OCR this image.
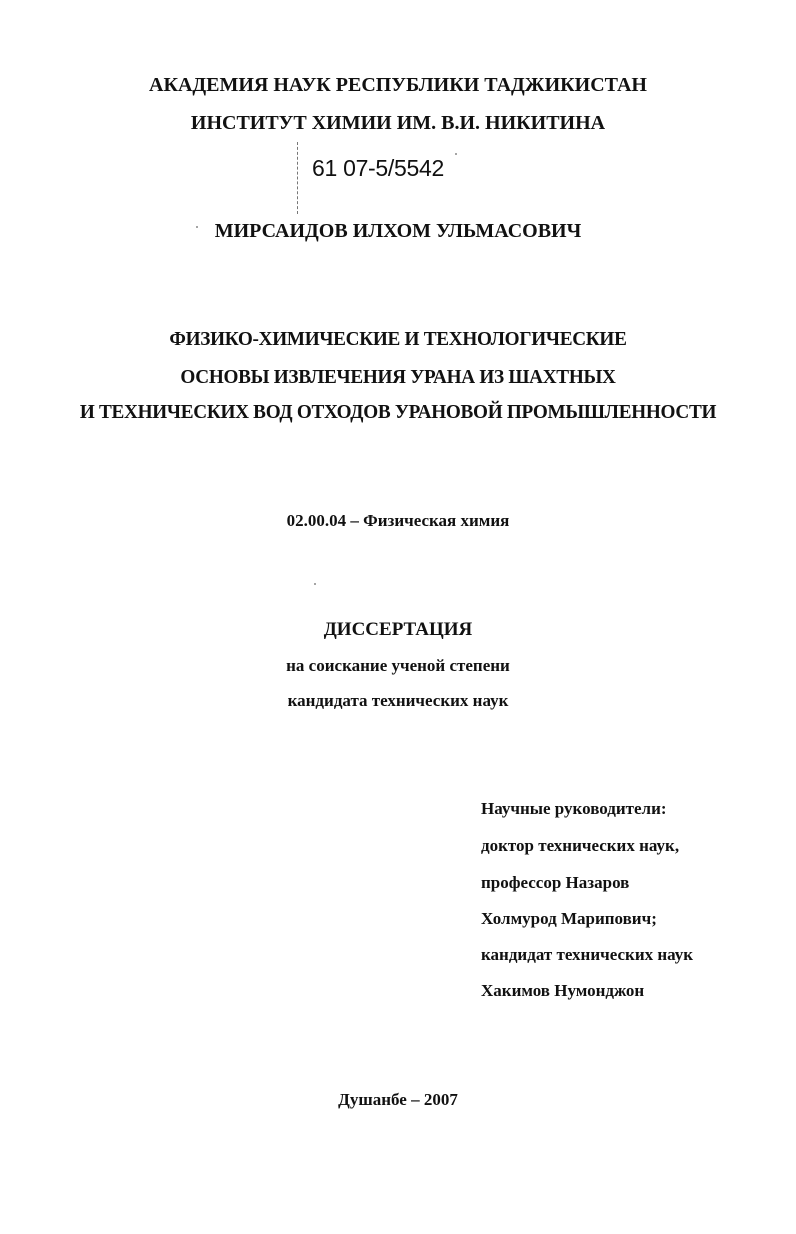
АКАДЕМИЯ НАУК РЕСПУБЛИКИ ТАДЖИКИСТАН
ИНСТИТУТ ХИМИИ ИМ. В.И. НИКИТИНА
61 07-5/5542
МИРСАИДОВ ИЛХОМ УЛЬМАСОВИЧ
ФИЗИКО-ХИМИЧЕСКИЕ И ТЕХНОЛОГИЧЕСКИЕ
ОСНОВЫ ИЗВЛЕЧЕНИЯ УРАНА ИЗ ШАХТНЫХ
И ТЕХНИЧЕСКИХ ВОД ОТХОДОВ УРАНОВОЙ ПРОМЫШЛЕННОСТИ
02.00.04 – Физическая химия
ДИССЕРТАЦИЯ
на соискание ученой степени
кандидата технических наук
Научные руководители:
доктор технических наук,
профессор Назаров
Холмурод Марипович;
кандидат технических наук
Хакимов Нумонджон
Душанбе – 2007
